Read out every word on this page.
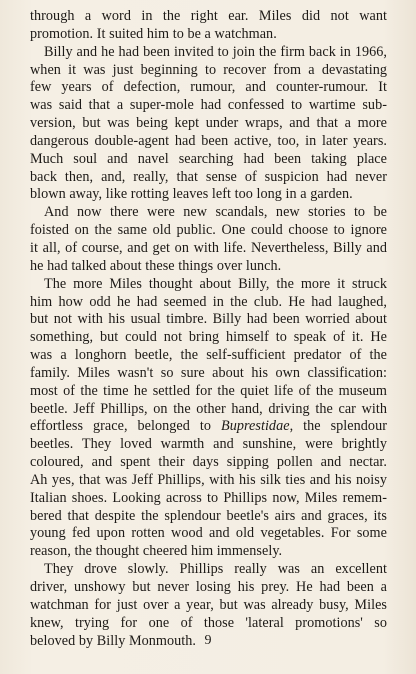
through a word in the right ear. Miles did not want
promotion. It suited him to be a watchman.
Billy and he had been invited to join the firm back in 1966,
when it was just beginning to recover from a devastating
few years of defection, rumour, and counter-rumour. It
was said that a super-mole had confessed to wartime sub-
version, but was being kept under wraps, and that a more
dangerous double-agent had been active, too, in later years.
Much soul and navel searching had been taking place
back then, and, really, that sense of suspicion had never
blown away, like rotting leaves left too long in a garden.
And now there were new scandals, new stories to be
foisted on the same old public. One could choose to ignore
it all, of course, and get on with life. Nevertheless, Billy and
he had talked about these things over lunch.
The more Miles thought about Billy, the more it struck
him how odd he had seemed in the club. He had laughed,
but not with his usual timbre. Billy had been worried about
something, but could not bring himself to speak of it. He
was a longhorn beetle, the self-sufficient predator of the
family. Miles wasn't so sure about his own classification:
most of the time he settled for the quiet life of the museum
beetle. Jeff Phillips, on the other hand, driving the car with
effortless grace, belonged to Buprestidae, the splendour
beetles. They loved warmth and sunshine, were brightly
coloured, and spent their days sipping pollen and nectar.
Ah yes, that was Jeff Phillips, with his silk ties and his noisy
Italian shoes. Looking across to Phillips now, Miles remem-
bered that despite the splendour beetle's airs and graces, its
young fed upon rotten wood and old vegetables. For some
reason, the thought cheered him immensely.
They drove slowly. Phillips really was an excellent
driver, unshowy but never losing his prey. He had been a
watchman for just over a year, but was already busy, Miles
knew, trying for one of those 'lateral promotions' so
beloved by Billy Monmouth. 9
